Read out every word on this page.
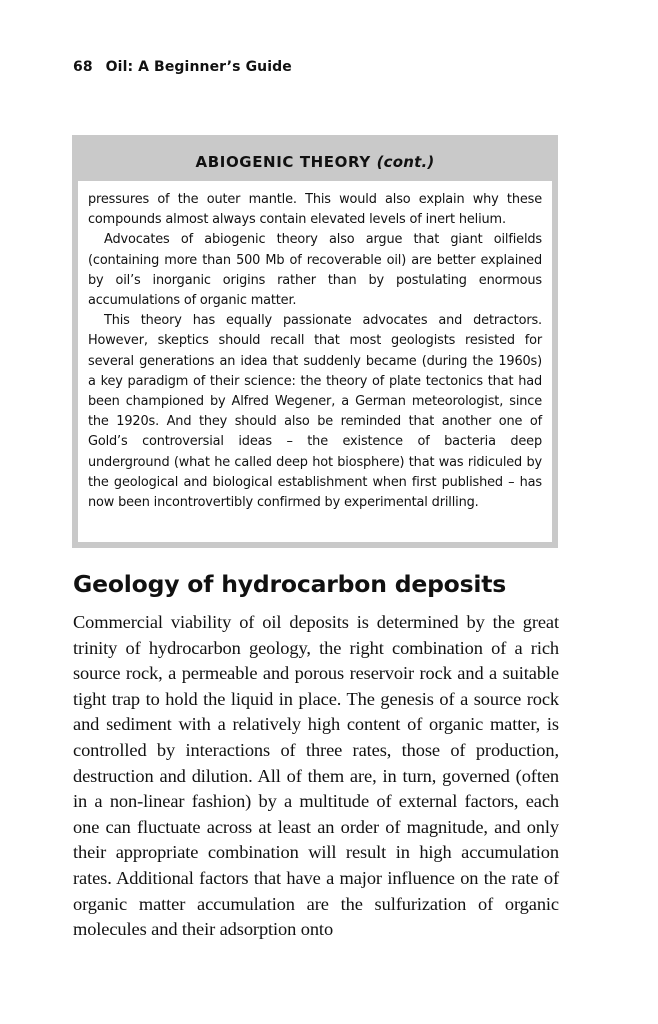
68 Oil: A Beginner’s Guide
ABIOGENIC THEORY (cont.)

pressures of the outer mantle. This would also explain why these compounds almost always contain elevated levels of inert helium.

Advocates of abiogenic theory also argue that giant oilfields (containing more than 500 Mb of recoverable oil) are better explained by oil’s inorganic origins rather than by postulating enormous accumulations of organic matter.

This theory has equally passionate advocates and detractors. However, skeptics should recall that most geologists resisted for several generations an idea that suddenly became (during the 1960s) a key paradigm of their science: the theory of plate tectonics that had been championed by Alfred Wegener, a German meteorologist, since the 1920s. And they should also be reminded that another one of Gold’s controversial ideas – the existence of bacteria deep underground (what he called deep hot biosphere) that was ridiculed by the geological and biological establishment when first published – has now been incontrovertibly confirmed by experimental drilling.

Geology of hydrocarbon deposits

Commercial viability of oil deposits is determined by the great trinity of hydrocarbon geology, the right combination of a rich source rock, a permeable and porous reservoir rock and a suitable tight trap to hold the liquid in place. The genesis of a source rock and sediment with a relatively high content of organic matter, is controlled by interactions of three rates, those of production, destruction and dilution. All of them are, in turn, governed (often in a non-linear fashion) by a multitude of external factors, each one can fluctuate across at least an order of magnitude, and only their appropriate combination will result in high accumulation rates. Additional factors that have a major influence on the rate of organic matter accumulation are the sulfurization of organic molecules and their adsorption onto
